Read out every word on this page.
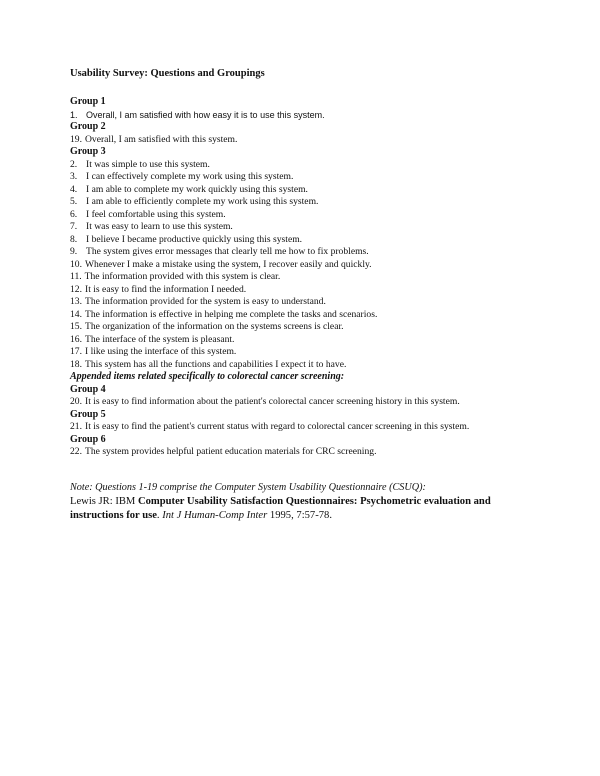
Usability Survey: Questions and Groupings
Group 1
1. Overall, I am satisfied with how easy it is to use this system.
Group 2
19. Overall, I am satisfied with this system.
Group 3
2. It was simple to use this system.
3. I can effectively complete my work using this system.
4. I am able to complete my work quickly using this system.
5. I am able to efficiently complete my work using this system.
6. I feel comfortable using this system.
7. It was easy to learn to use this system.
8. I believe I became productive quickly using this system.
9. The system gives error messages that clearly tell me how to fix problems.
10. Whenever I make a mistake using the system, I recover easily and quickly.
11. The information provided with this system is clear.
12. It is easy to find the information I needed.
13. The information provided for the system is easy to understand.
14. The information is effective in helping me complete the tasks and scenarios.
15. The organization of the information on the systems screens is clear.
16. The interface of the system is pleasant.
17. I like using the interface of this system.
18. This system has all the functions and capabilities I expect it to have.
Appended items related specifically to colorectal cancer screening:
Group 4
20. It is easy to find information about the patient's colorectal cancer screening history in this system.
Group 5
21. It is easy to find the patient's current status with regard to colorectal cancer screening in this system.
Group 6
22. The system provides helpful patient education materials for CRC screening.
Note: Questions 1-19 comprise the Computer System Usability Questionnaire (CSUQ):
Lewis JR: IBM Computer Usability Satisfaction Questionnaires: Psychometric evaluation and instructions for use. Int J Human-Comp Inter 1995, 7:57-78.
